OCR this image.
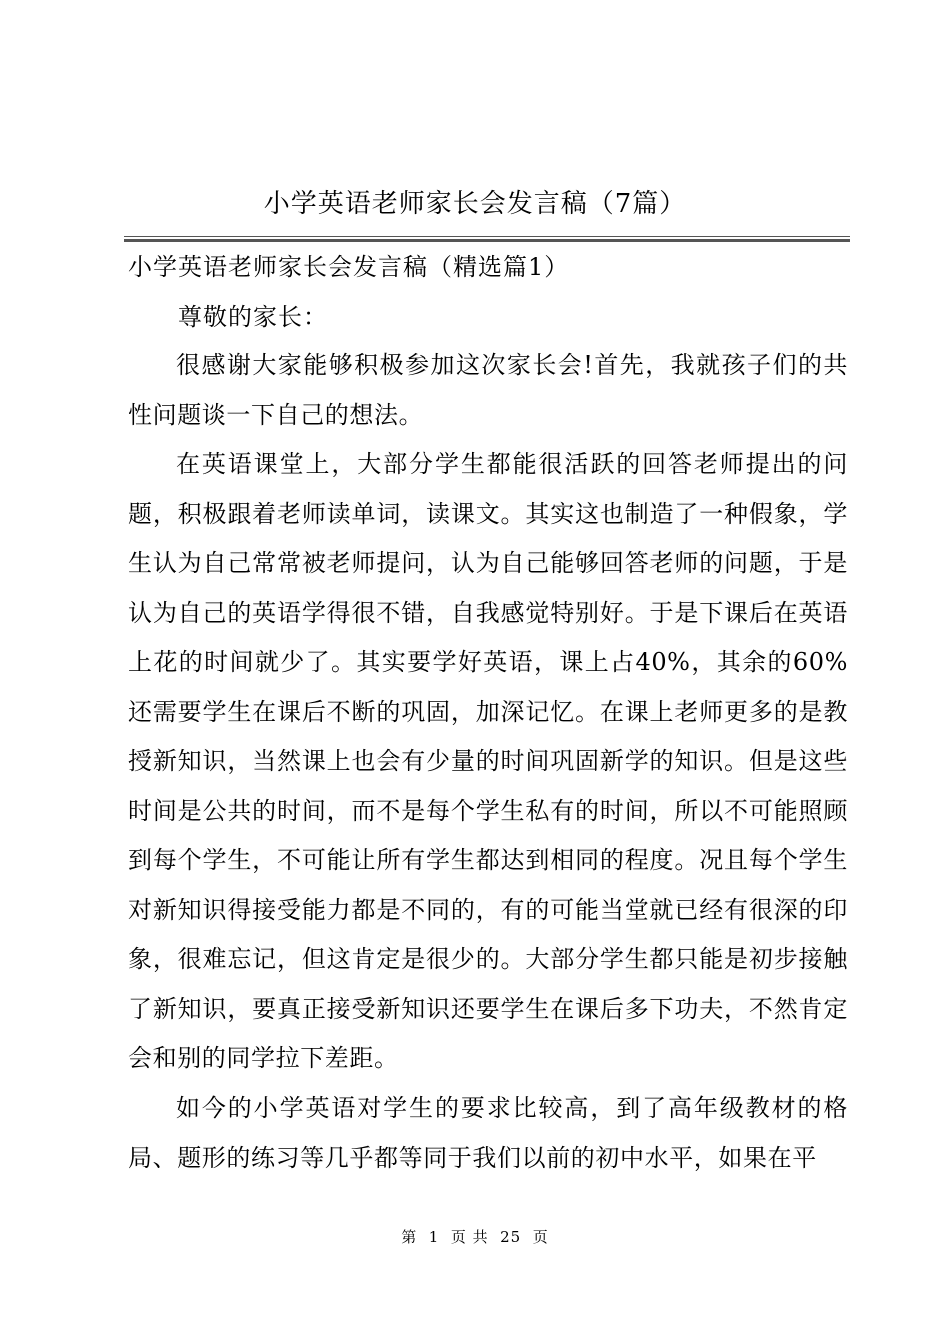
小学英语老师家长会发言稿（7篇）
小学英语老师家长会发言稿（精选篇1）
尊敬的家长：

很感谢大家能够积极参加这次家长会!首先，我就孩子们的共性问题谈一下自己的想法。

在英语课堂上，大部分学生都能很活跃的回答老师提出的问题，积极跟着老师读单词，读课文。其实这也制造了一种假象，学生认为自己常常被老师提问，认为自己能够回答老师的问题，于是认为自己的英语学得很不错，自我感觉特别好。于是下课后在英语上花的时间就少了。其实要学好英语，课上占40%，其余的60%还需要学生在课后不断的巩固，加深记忆。在课上老师更多的是教授新知识，当然课上也会有少量的时间巩固新学的知识。但是这些时间是公共的时间，而不是每个学生私有的时间，所以不可能照顾到每个学生，不可能让所有学生都达到相同的程度。况且每个学生对新知识得接受能力都是不同的，有的可能当堂就已经有很深的印象，很难忘记，但这肯定是很少的。大部分学生都只能是初步接触了新知识，要真正接受新知识还要学生在课后多下功夫，不然肯定会和别的同学拉下差距。

如今的小学英语对学生的要求比较高，到了高年级教材的格局、题形的练习等几乎都等同于我们以前的初中水平，如果在平

第  1  页 共  25  页
